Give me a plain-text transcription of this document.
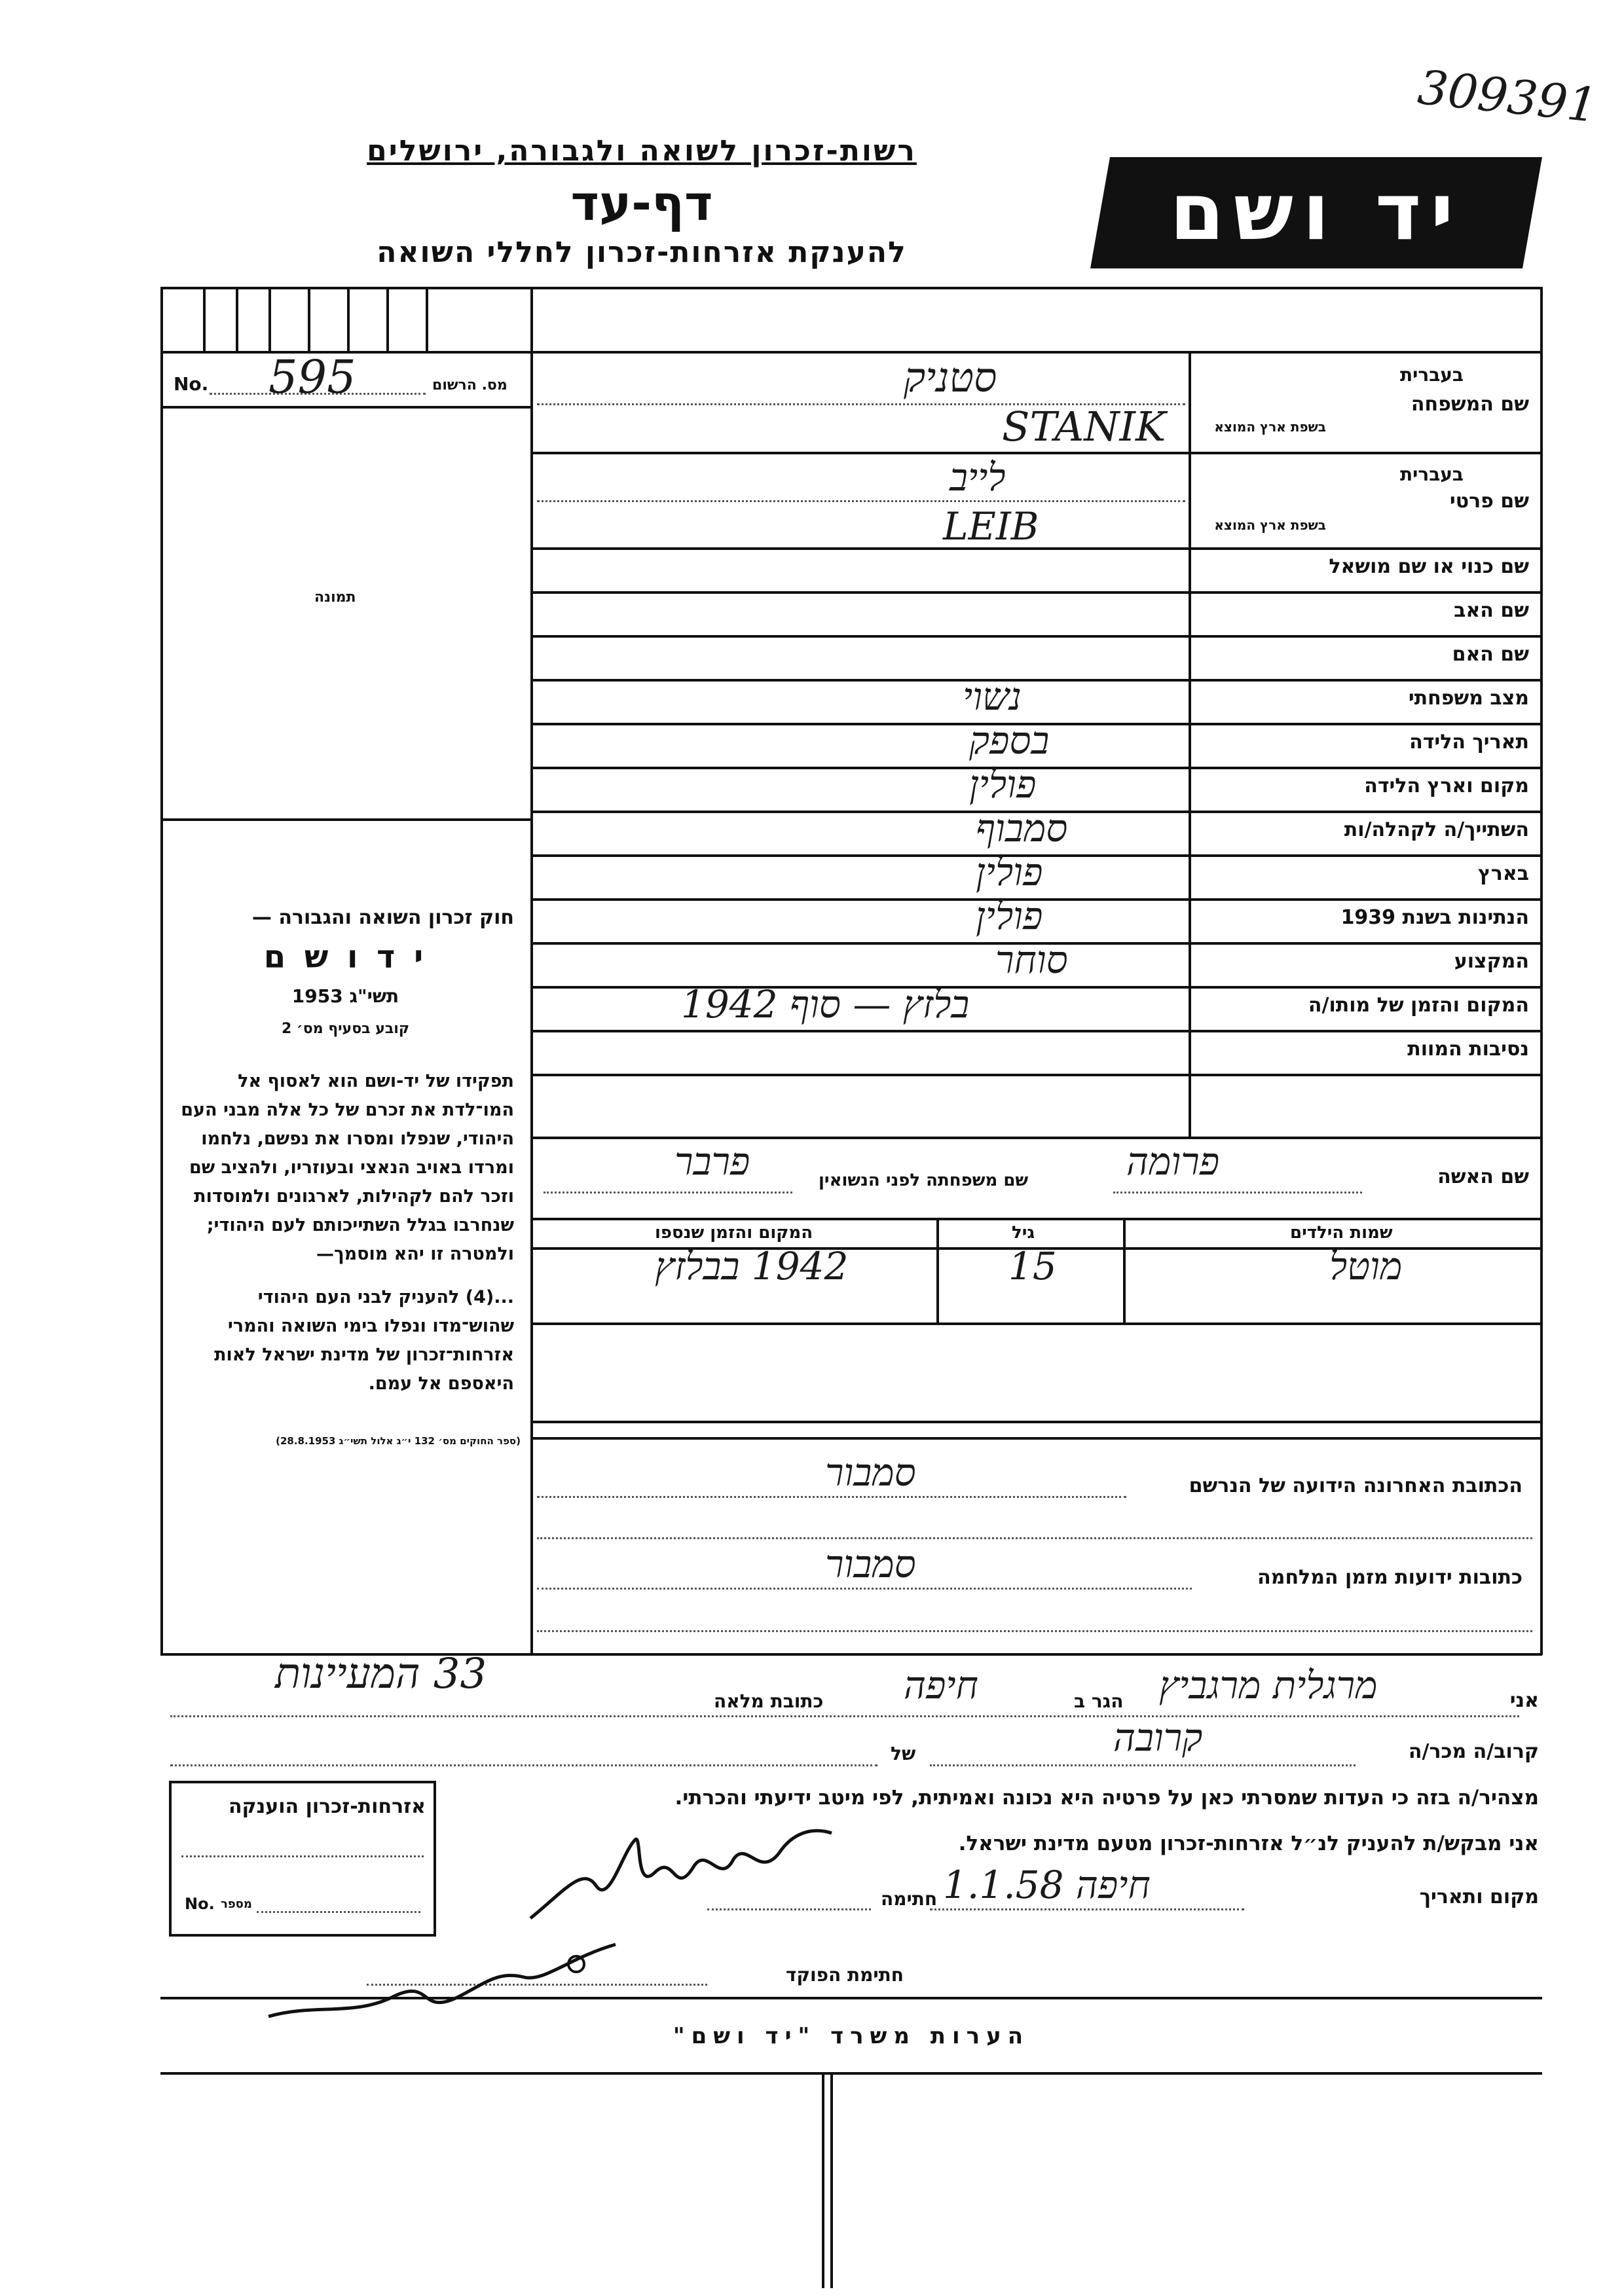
309391
רשות-זכרון לשואה ולגבורה, ירושלים
דף-עד
להענקת אזרחות-זכרון לחללי השואה	יד ושם
No. 595	מס. הרשום
תמונה
חוק זכרון השואה והגבורה —
י ד ו ש ם
תשי"ג 1953
קובע בסעיף מס׳ 2
תפקידו של יד-ושם הוא לאסוף אל המו־לדת את זכרם של כל אלה מבני העם היהודי, שנפלו ומסרו את נפשם, נלחמו ומרדו באויב הנאצי ובעוזריו, ולהציב שם וזכר להם לקהילות, לארגונים ולמוסדות שנחרבו בגלל השתייכותם לעם היהודי; ולמטרה זו יהא מוסמך—
...(4) להעניק לבני העם היהודי שהוש־מדו ונפלו בימי השואה והמרי אזרחות־זכרון של מדינת ישראל לאות היאספם אל עמם.
(ספר החוקים מס׳ 132 י״ג אלול תשי״ג 28.8.1953)
בעברית
בשפת ארץ המוצא
שם המשפחה
סטניק
STANIK
בעברית
בשפת ארץ המוצא
שם פרטי
לייב
LEIB
שם כנוי או שם מושאל
שם האב
שם האם
מצב משפחתי
נשוי
תאריך הלידה
בספק
מקום וארץ הלידה
פולין
השתייך/ה לקהלה/ות
סמבוף
בארץ
פולין
הנתינות בשנת 1939
פולין
המקצוע
סוחר
המקום והזמן של מותו/ה
בלזץ — סוף 1942
נסיבות המוות
שם האשה
פרומה
שם משפחתה לפני הנשואין
פרבר
שמות הילדים
גיל
המקום והזמן שנספו
מוטל
15
1942 בבלזץ
הכתובת האחרונה הידועה של הנרשם
סמבור
כתובות ידועות מזמן המלחמה
סמבור
אני
מרגלית מרגביץ
הגר ב
חיפה
כתובת מלאה
33 המעיינות
קרוב/ה מכר/ה
קרובה
של
מצהיר/ה בזה כי העדות שמסרתי כאן על פרטיה היא נכונה ואמיתית, לפי מיטב ידיעתי והכרתי.
אני מבקש/ת להעניק לנ״ל אזרחות-זכרון מטעם מדינת ישראל.
מקום ותאריך
חיפה 1.1.58
חתימה
חתימת הפוקד
אזרחות-זכרון הוענקה
No. מספר
הערות משרד "יד ושם"
